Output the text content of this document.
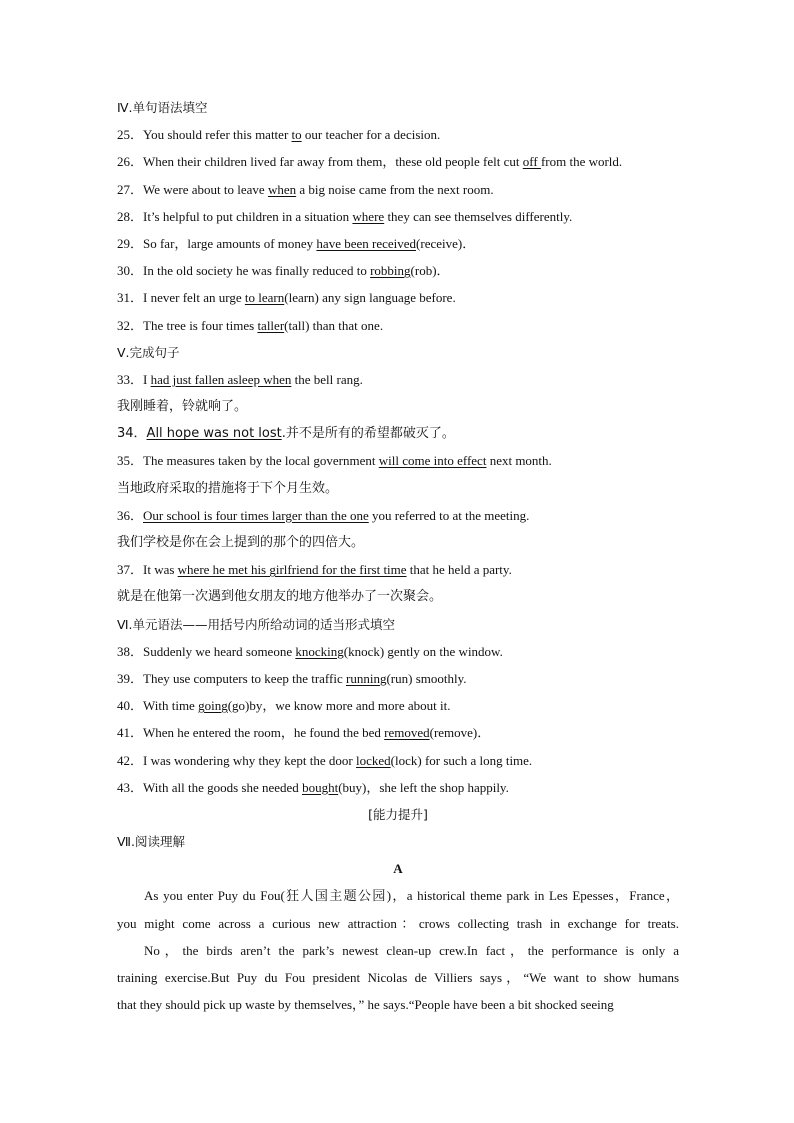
Ⅳ.单句语法填空
25．You should refer this matter to our teacher for a decision.
26．When their children lived far away from them，these old people felt cut off from the world.
27．We were about to leave when a big noise came from the next room.
28．It’s helpful to put children in a situation where they can see themselves differently.
29．So far，large amounts of money have been received(receive)．
30．In the old society he was finally reduced to robbing(rob)．
31．I never felt an urge to learn(learn) any sign language before.
32．The tree is four times taller(tall) than that one.
Ⅴ.完成句子
33．I had just fallen asleep when the bell rang.
我刚睡着，铃就响了。
34．All hope was not lost.并不是所有的希望都破灭了。
35．The measures taken by the local government will come into effect next month.
当地政府采取的措施将于下个月生效。
36．Our school is four times larger than the one you referred to at the meeting.
我们学校是你在会上提到的那个的四倍大。
37．It was where he met his girlfriend for the first time that he held a party.
就是在他第一次遇到他女朋友的地方他举办了一次聚会。
Ⅵ.单元语法——用括号内所给动词的适当形式填空
38．Suddenly we heard someone knocking(knock) gently on the window.
39．They use computers to keep the traffic running(run) smoothly.
40．With time going(go)by，we know more and more about it.
41．When he entered the room，he found the bed removed(remove)．
42．I was wondering why they kept the door locked(lock) for such a long time.
43．With all the goods she needed bought(buy)，she left the shop happily.
[能力提升]
Ⅶ.阅读理解
A
As you enter Puy du Fou(狂人国主题公园)，a historical theme park in Les Epesses，France，
you might come across a curious new attraction：crows collecting trash in exchange for treats.
No，the birds aren’t the park’s newest clean-up crew.In fact，the performance is only a
training exercise.But Puy du Fou president Nicolas de Villiers says，“We want to show humans
that they should pick up waste by themselves，” he says.“People have been a bit shocked seeing
